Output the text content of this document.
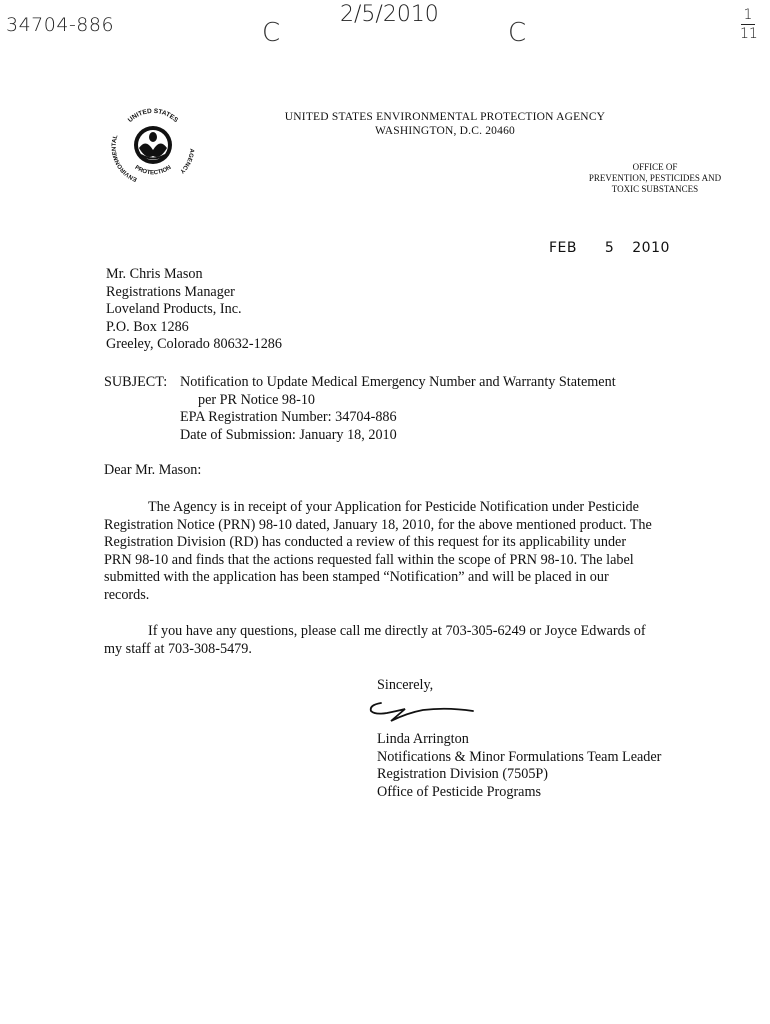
34704-886	2/5/2010
C	C
1
11
UNITED STATES
ENVIRONMENTAL
AGENCY
PROTECTION
UNITED STATES ENVIRONMENTAL PROTECTION AGENCY
WASHINGTON, D.C. 20460
OFFICE OF
PREVENTION, PESTICIDES AND
TOXIC SUBSTANCES
FEB 5 2010
Mr. Chris Mason
Registrations Manager
Loveland Products, Inc.
P.O. Box 1286
Greeley, Colorado 80632-1286
SUBJECT: Notification to Update Medical Emergency Number and Warranty Statement
per PR Notice 98-10
EPA Registration Number: 34704-886
Date of Submission: January 18, 2010
Dear Mr. Mason:
The Agency is in receipt of your Application for Pesticide Notification under Pesticide
Registration Notice (PRN) 98-10 dated, January 18, 2010, for the above mentioned product. The
Registration Division (RD) has conducted a review of this request for its applicability under
PRN 98-10 and finds that the actions requested fall within the scope of PRN 98-10. The label
submitted with the application has been stamped “Notification” and will be placed in our
records.
If you have any questions, please call me directly at 703-305-6249 or Joyce Edwards of
my staff at 703-308-5479.
Sincerely,
Linda Arrington
Notifications & Minor Formulations Team Leader
Registration Division (7505P)
Office of Pesticide Programs
